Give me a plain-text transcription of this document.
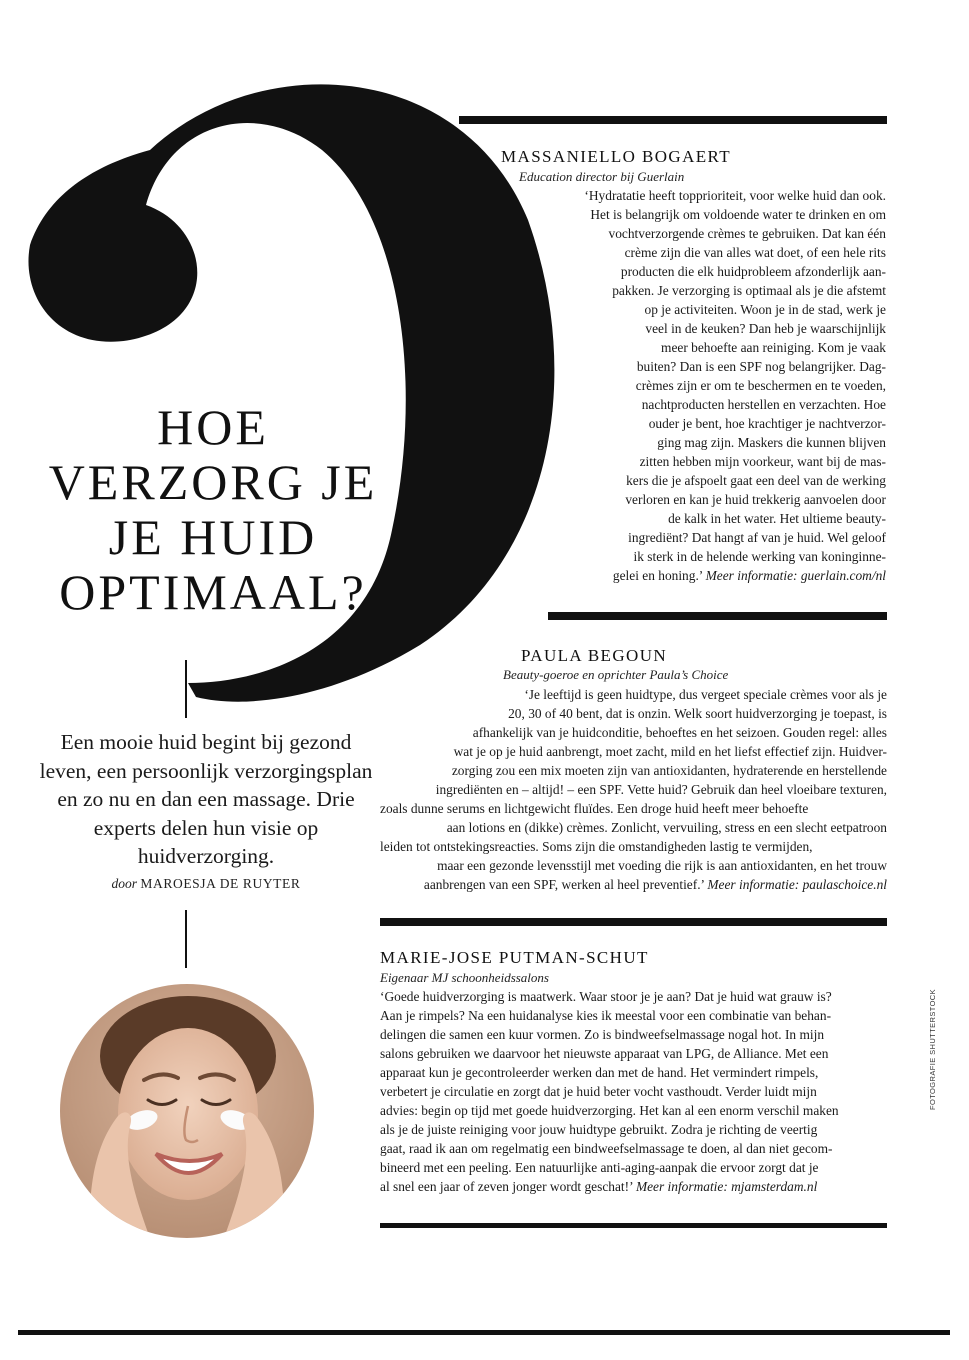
HOE
VERZORG JE
JE HUID
OPTIMAAL?
Een mooie huid begint bij gezond leven, een persoonlijk verzorgingsplan en zo nu en dan een massage. Drie experts delen hun visie op huidverzorging.
door MAROESJA DE RUYTER
MASSANIELLO BOGAERT
Education director bij Guerlain
‘Hydratatie heeft topprioriteit, voor welke huid dan ook.
Het is belangrijk om voldoende water te drinken en om
vochtverzorgende crèmes te gebruiken. Dat kan één
crème zijn die van alles wat doet, of een hele rits
producten die elk huidprobleem afzonderlijk aan-
pakken. Je verzorging is optimaal als je die afstemt
op je activiteiten. Woon je in de stad, werk je
veel in de keuken? Dan heb je waarschijnlijk
meer behoefte aan reiniging. Kom je vaak
buiten? Dan is een SPF nog belangrijker. Dag-
crèmes zijn er om te beschermen en te voeden,
nachtproducten herstellen en verzachten. Hoe
ouder je bent, hoe krachtiger je nachtverzor-
ging mag zijn. Maskers die kunnen blijven
zitten hebben mijn voorkeur, want bij de mas-
kers die je afspoelt gaat een deel van de werking
verloren en kan je huid trekkerig aanvoelen door
de kalk in het water. Het ultieme beauty-
ingrediënt? Dat hangt af van je huid. Wel geloof
ik sterk in de helende werking van koninginne-
gelei en honing.’ Meer informatie: guerlain.com/nl
PAULA BEGOUN
Beauty-goeroe en oprichter Paula’s Choice
‘Je leeftijd is geen huidtype, dus vergeet speciale crèmes voor als je
20, 30 of 40 bent, dat is onzin. Welk soort huidverzorging je toepast, is
afhankelijk van je huidconditie, behoeftes en het seizoen. Gouden regel: alles
wat je op je huid aanbrengt, moet zacht, mild en het liefst effectief zijn. Huidver-
zorging zou een mix moeten zijn van antioxidanten, hydraterende en herstellende
ingrediënten en – altijd! – een SPF. Vette huid? Gebruik dan heel vloeibare texturen,
zoals dunne serums en lichtgewicht fluïdes. Een droge huid heeft meer behoefte
aan lotions en (dikke) crèmes. Zonlicht, vervuiling, stress en een slecht eetpatroon
leiden tot ontstekingsreacties. Soms zijn die omstandigheden lastig te vermijden,
maar een gezonde levensstijl met voeding die rijk is aan antioxidanten, en het trouw
aanbrengen van een SPF, werken al heel preventief.’ Meer informatie: paulaschoice.nl
MARIE-JOSE PUTMAN-SCHUT
Eigenaar MJ schoonheidssalons
‘Goede huidverzorging is maatwerk. Waar stoor je je aan? Dat je huid wat grauw is?
Aan je rimpels? Na een huidanalyse kies ik meestal voor een combinatie van behan-
delingen die samen een kuur vormen. Zo is bindweefselmassage nogal hot. In mijn
salons gebruiken we daarvoor het nieuwste apparaat van LPG, de Alliance. Met een
apparaat kun je gecontroleerder werken dan met de hand. Het vermindert rimpels,
verbetert je circulatie en zorgt dat je huid beter vocht vasthoudt. Verder luidt mijn
advies: begin op tijd met goede huidverzorging. Het kan al een enorm verschil maken
als je de juiste reiniging voor jouw huidtype gebruikt. Zodra je richting de veertig
gaat, raad ik aan om regelmatig een bindweefselmassage te doen, al dan niet gecom-
bineerd met een peeling. Een natuurlijke anti-aging-aanpak die ervoor zorgt dat je
al snel een jaar of zeven jonger wordt geschat!’ Meer informatie: mjamsterdam.nl
FOTOGRAFIE SHUTTERSTOCK
